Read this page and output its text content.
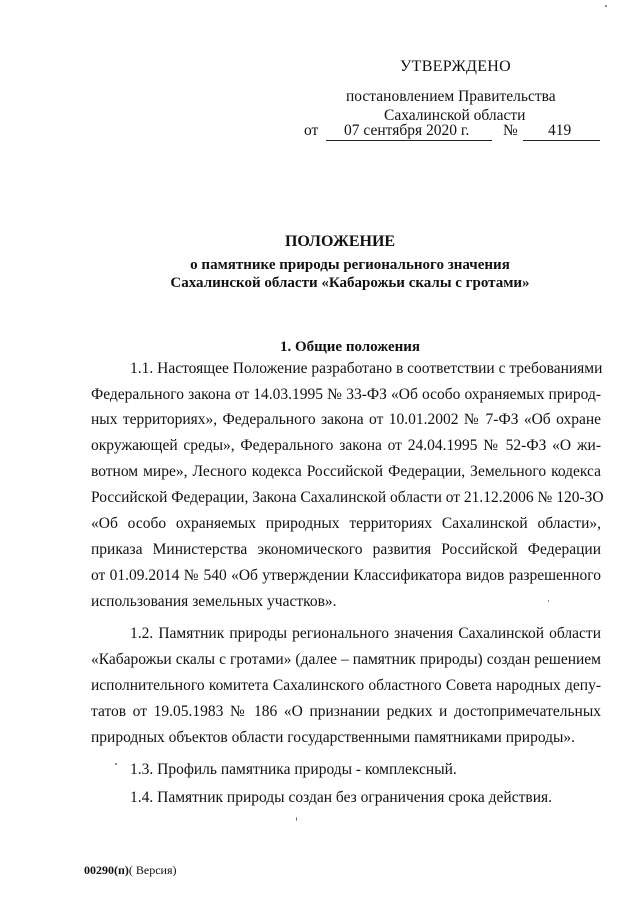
УТВЕРЖДЕНО
постановлением Правительства
Сахалинской области
от 07 сентября 2020 г. № 419
ПОЛОЖЕНИЕ
о памятнике природы регионального значения
Сахалинской области «Кабарожьи скалы с гротами»
1. Общие положения
1.1. Настоящее Положение разработано в соответствии с требованиями
Федерального закона от 14.03.1995 № 33-ФЗ «Об особо охраняемых природ-
ных территориях», Федерального закона от 10.01.2002 № 7-ФЗ «Об охране
окружающей среды», Федерального закона от 24.04.1995 № 52-ФЗ «О жи-
вотном мире», Лесного кодекса Российской Федерации, Земельного кодекса
Российской Федерации, Закона Сахалинской области от 21.12.2006 № 120-ЗО
«Об особо охраняемых природных территориях Сахалинской области»,
приказа Министерства экономического развития Российской Федерации
от 01.09.2014 № 540 «Об утверждении Классификатора видов разрешенного
использования земельных участков».
1.2. Памятник природы регионального значения Сахалинской области
«Кабарожьи скалы с гротами» (далее – памятник природы) создан решением
исполнительного комитета Сахалинского областного Совета народных депу-
татов от 19.05.1983 № 186 «О признании редких и достопримечательных
природных объектов области государственными памятниками природы».
1.3. Профиль памятника природы - комплексный.
1.4. Памятник природы создан без ограничения срока действия.
00290(п)( Версия)
